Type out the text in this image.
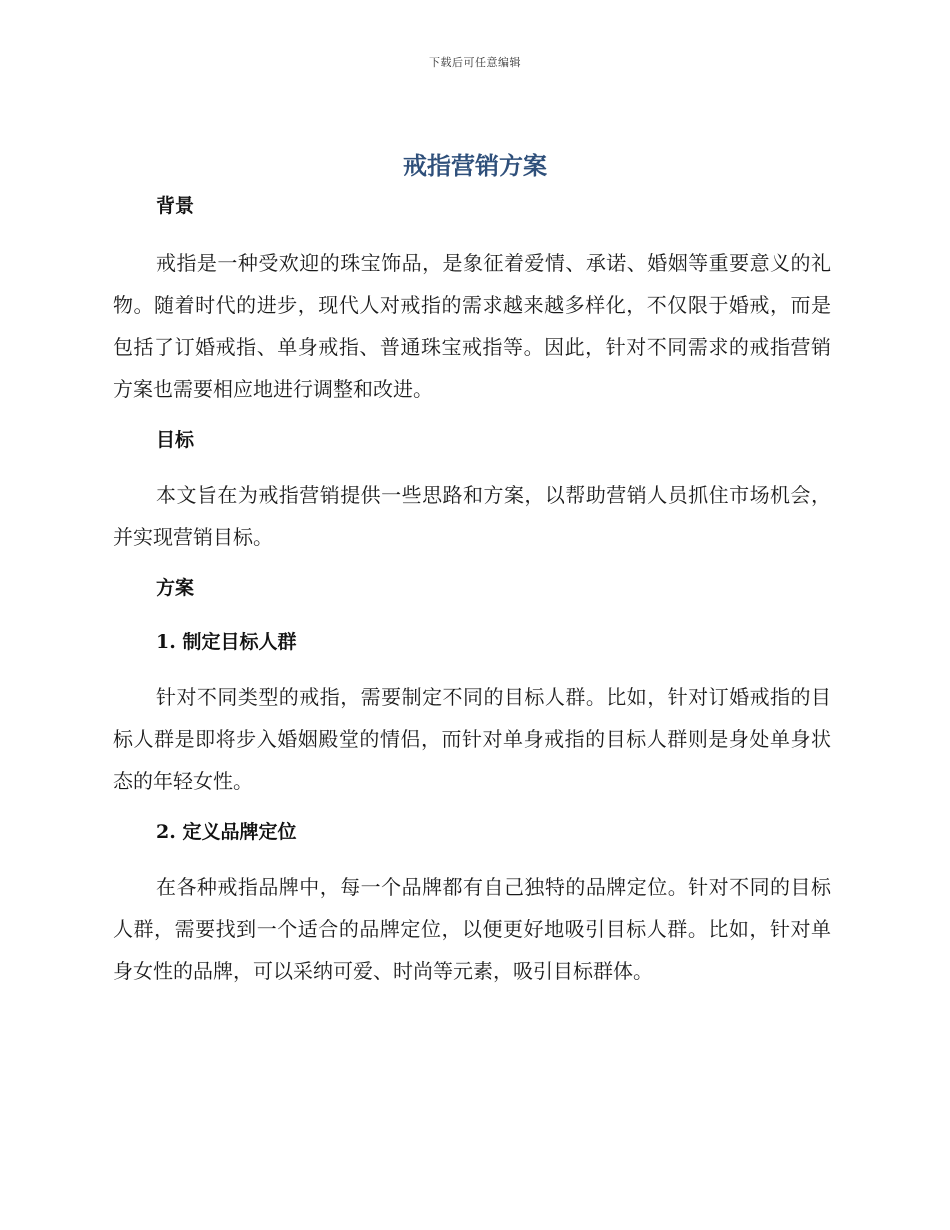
下载后可任意编辑
戒指营销方案
背景

戒指是一种受欢迎的珠宝饰品，是象征着爱情、承诺、婚姻等重要意义的礼物。随着时代的进步，现代人对戒指的需求越来越多样化，不仅限于婚戒，而是包括了订婚戒指、单身戒指、普通珠宝戒指等。因此，针对不同需求的戒指营销方案也需要相应地进行调整和改进。

目标

本文旨在为戒指营销提供一些思路和方案，以帮助营销人员抓住市场机会，并实现营销目标。

方案
1. 制定目标人群

针对不同类型的戒指，需要制定不同的目标人群。比如，针对订婚戒指的目标人群是即将步入婚姻殿堂的情侣，而针对单身戒指的目标人群则是身处单身状态的年轻女性。

2. 定义品牌定位

在各种戒指品牌中，每一个品牌都有自己独特的品牌定位。针对不同的目标人群，需要找到一个适合的品牌定位，以便更好地吸引目标人群。比如，针对单身女性的品牌，可以采纳可爱、时尚等元素，吸引目标群体。
